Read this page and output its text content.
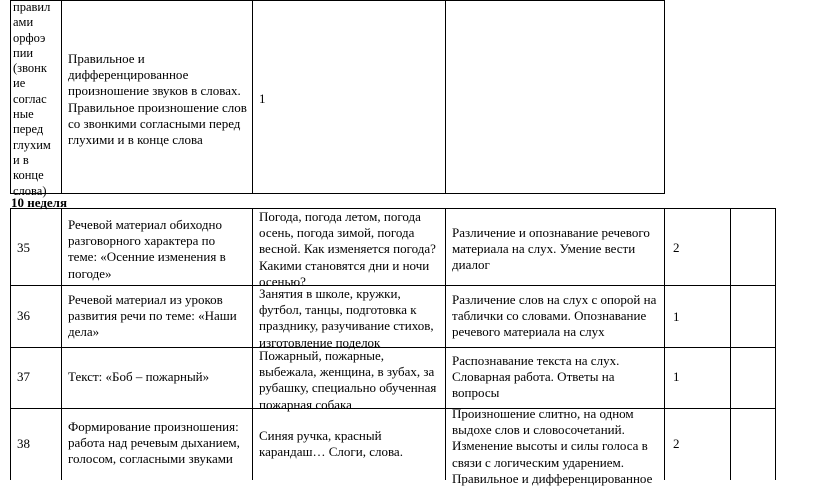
правил
ами
орфоэ
пии
(звонк
ие
соглас
ные
перед
глухим
и в
конце
слова)
Правильное и
дифференцированное
произношение звуков в словах.
Правильное произношение слов
со звонкими согласными перед
глухими и в конце слова
1
10 неделя
35
Речевой материал обиходно
разговорного характера по
теме: «Осенние изменения в
погоде»
Погода, погода летом, погода
осень, погода зимой, погода
весной. Как изменяется погода?
Какими становятся дни и ночи
осенью?
Различение и опознавание речевого
материала на слух. Умение вести
диалог
2
36
Речевой материал из уроков
развития речи по теме: «Наши
дела»
Занятия в школе, кружки,
футбол, танцы, подготовка к
празднику, разучивание стихов,
изготовление поделок
Различение слов на слух с опорой на
таблички со словами. Опознавание
речевого материала на слух
1
37	Текст: «Боб – пожарный»
Пожарный, пожарные,
выбежала, женщина, в зубах, за
рубашку, специально обученная
пожарная собака
Распознавание текста на слух.
Словарная работа. Ответы на
вопросы
1
38
Формирование произношения:
работа над речевым дыханием,
голосом, согласными звуками
Синяя ручка, красный
карандаш… Слоги, слова.
Произношение слитно, на одном
выдохе слов и словосочетаний.
Изменение высоты и силы голоса в
связи с логическим ударением.
Правильное и дифференцированное
2
